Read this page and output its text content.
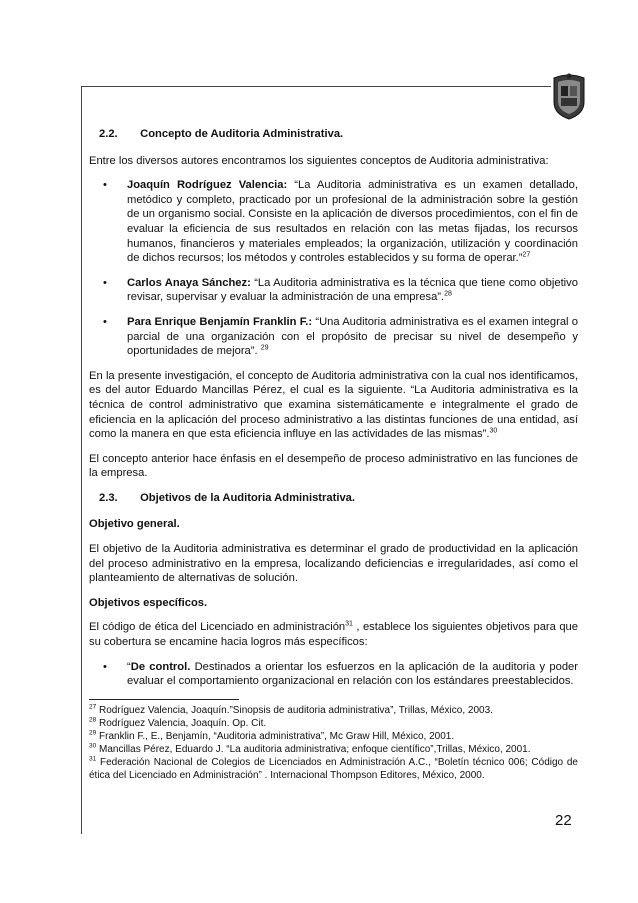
2.2. Concepto de Auditoria Administrativa.

Entre los diversos autores encontramos los siguientes conceptos de Auditoria administrativa:

• Joaquín Rodríguez Valencia: “La Auditoria administrativa es un examen detallado, metódico y completo, practicado por un profesional de la administración sobre la gestión de un organismo social. Consiste en la aplicación de diversos procedimientos, con el fin de evaluar la eficiencia de sus resultados en relación con las metas fijadas, los recursos humanos, financieros y materiales empleados; la organización, utilización y coordinación de dichos recursos; los métodos y controles establecidos y su forma de operar.”$^{27}$
• Carlos Anaya Sánchez: “La Auditoria administrativa es la técnica que tiene como objetivo revisar, supervisar y evaluar la administración de una empresa”.$^{28}$
• Para Enrique Benjamín Franklin F.: “Una Auditoria administrativa es el examen integral o parcial de una organización con el propósito de precisar su nivel de desempeño y oportunidades de mejora”. $^{29}$

En la presente investigación, el concepto de Auditoria administrativa con la cual nos identificamos, es del autor Eduardo Mancillas Pérez, el cual es la siguiente. “La Auditoria administrativa es la técnica de control administrativo que examina sistemáticamente e integralmente el grado de eficiencia en la aplicación del proceso administrativo a las distintas funciones de una entidad, así como la manera en que esta eficiencia influye en las actividades de las mismas”.$^{30}$

El concepto anterior hace énfasis en el desempeño de proceso administrativo en las funciones de la empresa.

2.3. Objetivos de la Auditoria Administrativa.

Objetivo general.

El objetivo de la Auditoria administrativa es determinar el grado de productividad en la aplicación del proceso administrativo en la empresa, localizando deficiencias e irregularidades, así como el planteamiento de alternativas de solución.

Objetivos específicos.

El código de ética del Licenciado en administración$^{31}$ , establece los siguientes objetivos para que su cobertura se encamine hacia logros más específicos:

• “De control. Destinados a orientar los esfuerzos en la aplicación de la auditoria y poder evaluar el comportamiento organizacional en relación con los estándares preestablecidos.

$^{27}$ Rodríguez Valencia, Joaquín.”Sinopsis de auditoria administrativa”, Trillas, México, 2003.

$^{28}$ Rodríguez Valencia, Joaquín. Op. Cit.

$^{29}$ Franklin F., E., Benjamín, “Auditoria administrativa”, Mc Graw Hill, México, 2001.

$^{30}$ Mancillas Pérez, Eduardo J. “La auditoria administrativa; enfoque científico”,Trillas, México, 2001.

$^{31}$ Federación Nacional de Colegios de Licenciados en Administración A.C., “Boletín técnico 006; Código de ética del Licenciado en Administración” . Internacional Thompson Editores, México, 2000.

22
